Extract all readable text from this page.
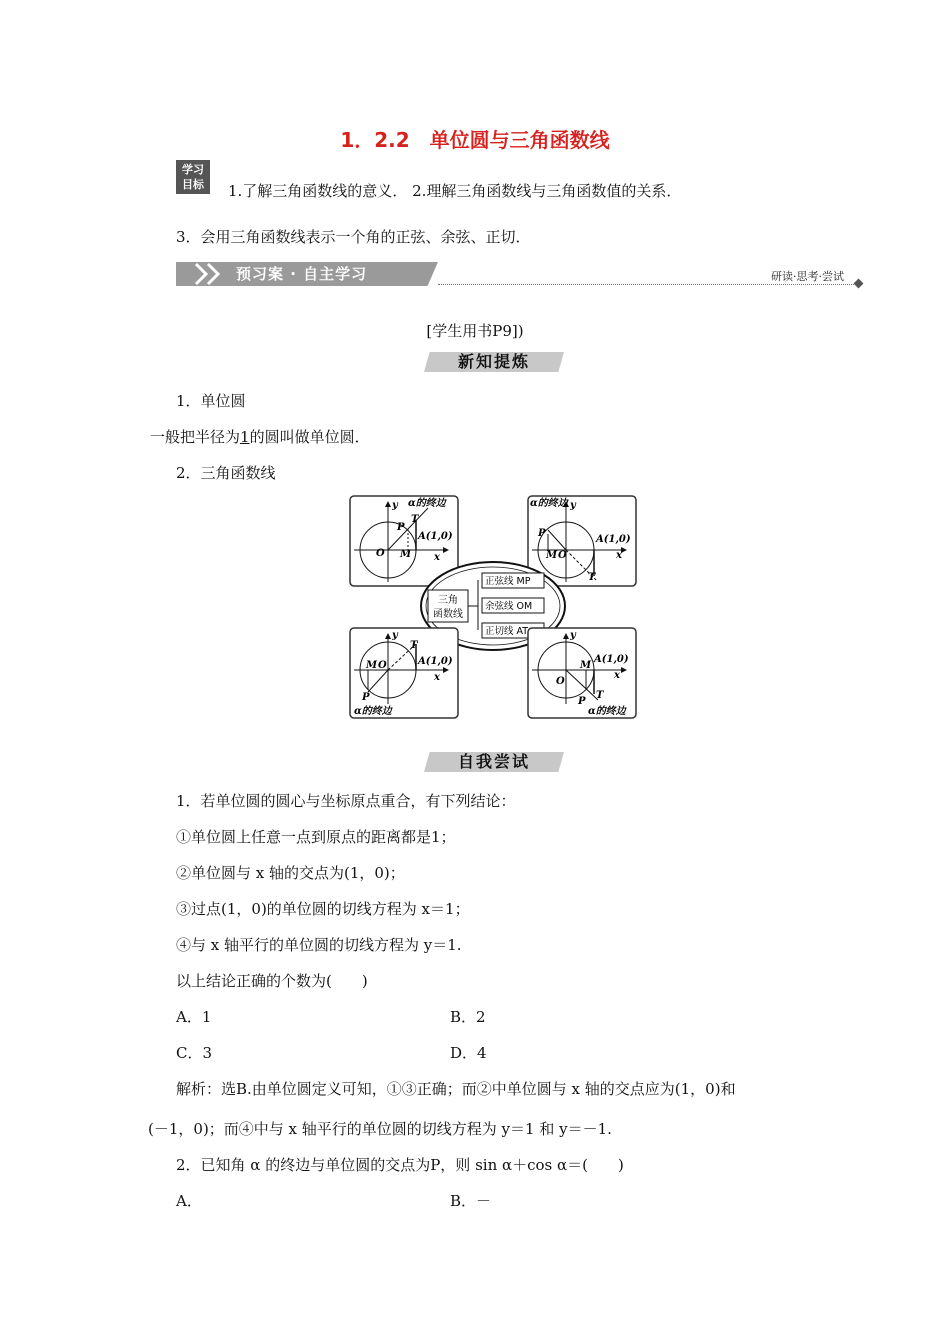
1．2.2　单位圆与三角函数线
学习
目标	1.了解三角函数线的意义． 2.理解三角函数线与三角函数值的关系．
3．会用三角函数线表示一个角的正弦、余弦、正切．
预习案 · 自主学习	研读·思考·尝试
[学生用书P9])
新知提炼
1．单位圆
一般把半径为1的圆叫做单位圆．
2．三角函数线
O M
P
T
A(1,0)
x
y α的终边
P
M O
T
A(1,0)
x
y
α的终边
三角
函数线
正弦线 MP
余弦线 OM
正切线 AT
M O
P
T
A(1,0)
x
y
α的终边
O
M
P
T
A(1,0)
x
y
α的终边
自我尝试
1．若单位圆的圆心与坐标原点重合，有下列结论：
①单位圆上任意一点到原点的距离都是1；
②单位圆与 x 轴的交点为(1，0)；
③过点(1，0)的单位圆的切线方程为 x＝1；
④与 x 轴平行的单位圆的切线方程为 y＝1.
以上结论正确的个数为(　　)
A．1	B．2
C．3	D．4
解析：选B.由单位圆定义可知，①③正确；而②中单位圆与 x 轴的交点应为(1，0)和
(－1，0)；而④中与 x 轴平行的单位圆的切线方程为 y＝1 和 y＝－1.
2．已知角 α 的终边与单位圆的交点为P，则 sin α＋cos α＝(　　)
A．	B．－
